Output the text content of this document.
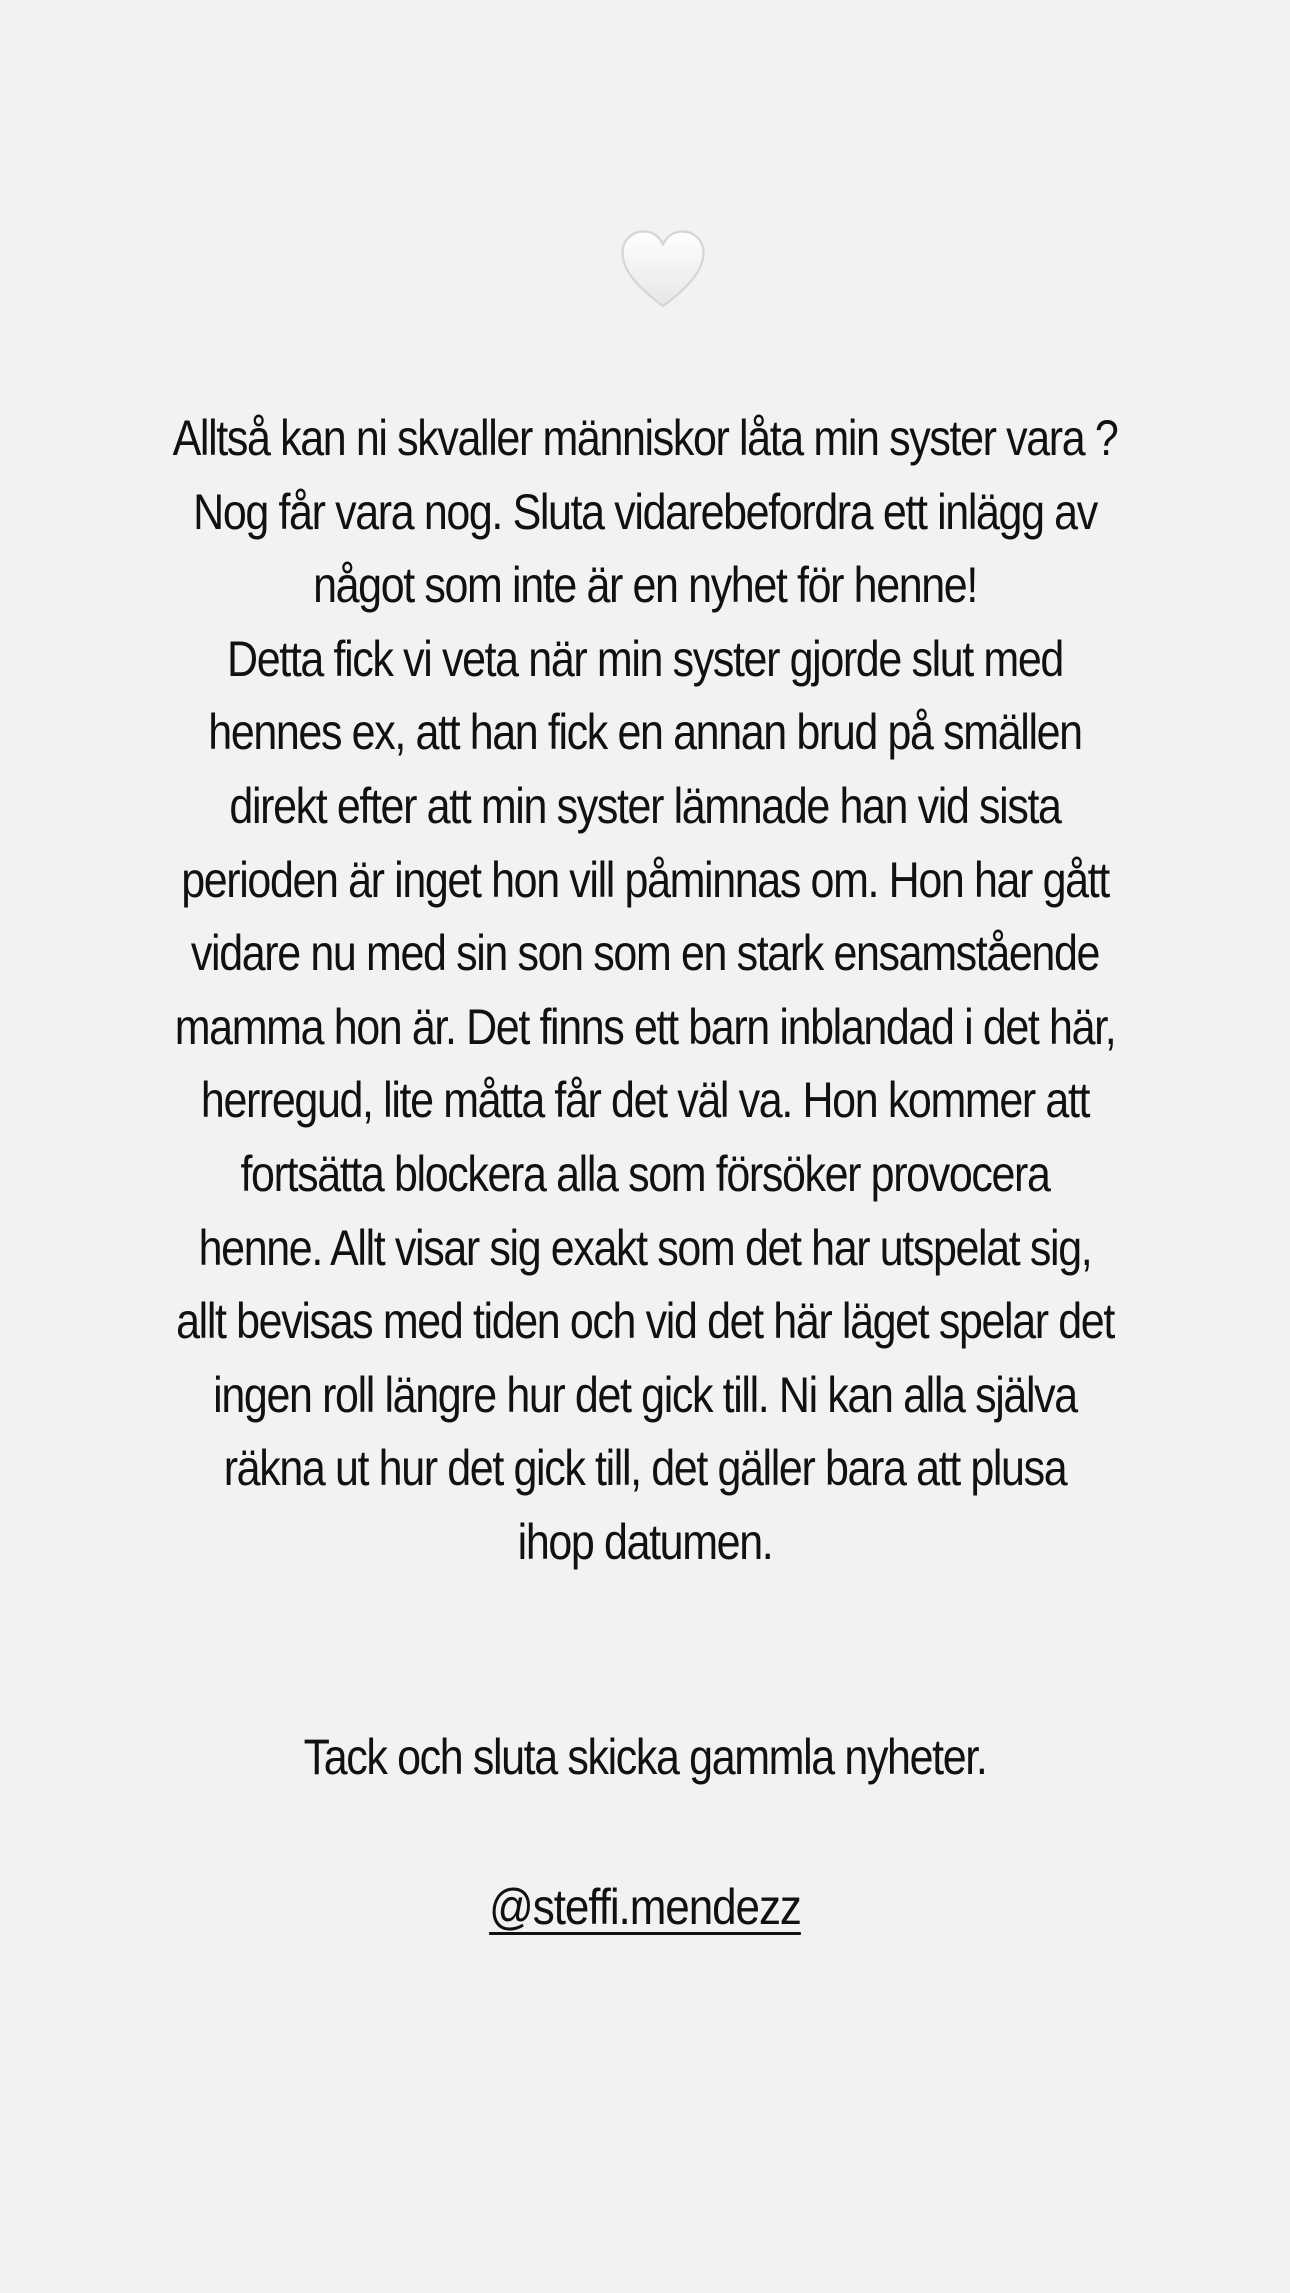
Alltså kan ni skvaller människor låta min syster vara ?
Nog får vara nog. Sluta vidarebefordra ett inlägg av
något som inte är en nyhet för henne!
Detta fick vi veta när min syster gjorde slut med
hennes ex, att han fick en annan brud på smällen
direkt efter att min syster lämnade han vid sista
perioden är inget hon vill påminnas om. Hon har gått
vidare nu med sin son som en stark ensamstående
mamma hon är. Det finns ett barn inblandad i det här,
herregud, lite måtta får det väl va. Hon kommer att
fortsätta blockera alla som försöker provocera
henne. Allt visar sig exakt som det har utspelat sig,
allt bevisas med tiden och vid det här läget spelar det
ingen roll längre hur det gick till. Ni kan alla själva
räkna ut hur det gick till, det gäller bara att plusa
ihop datumen.
Tack och sluta skicka gammla nyheter.
@steffi.mendezz
